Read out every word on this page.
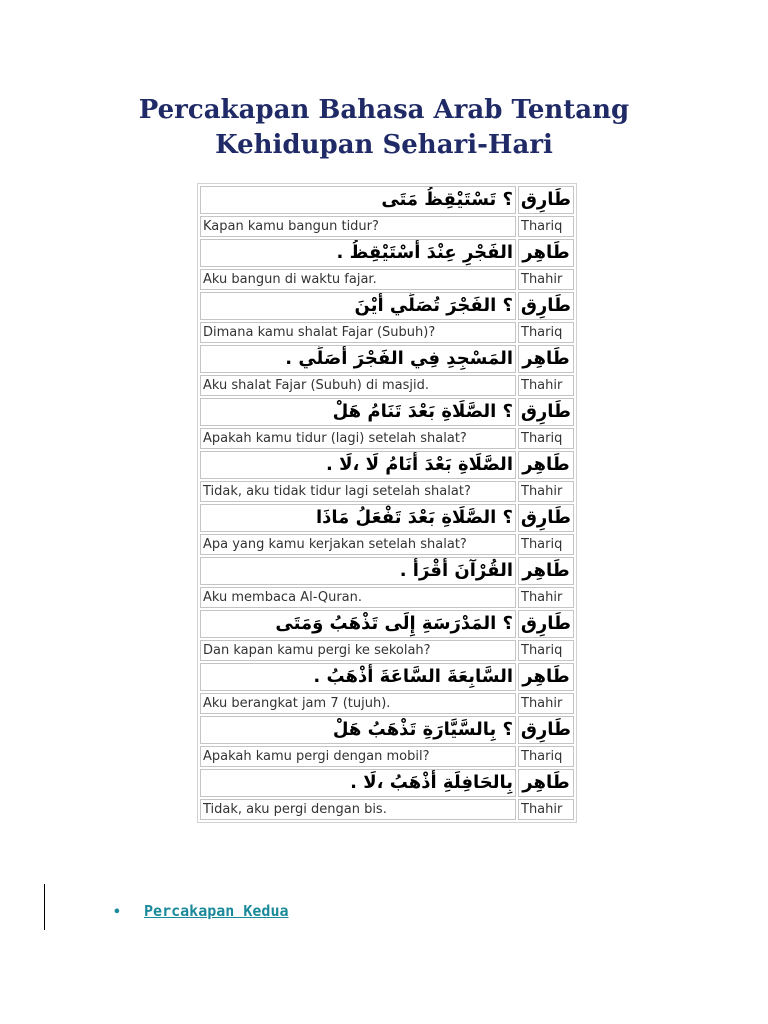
Percakapan Bahasa Arab Tentang
Kehidupan Sehari-Hari
؟ تَسْتَيْقِظُ مَتَى	طَارِق
Kapan kamu bangun tidur?	Thariq
الفَجْرِ عِنْدَ أَسْتَيْقِظُ .	طَاهِر
Aku bangun di waktu fajar.	Thahir
؟ الفَجْرَ تُصَلِّي أَيْنَ	طَارِق
Dimana kamu shalat Fajar (Subuh)?	Thariq
المَسْجِدِ فِي الفَجْرَ أُصَلِّي .	طَاهِر
Aku shalat Fajar (Subuh) di masjid.	Thahir
؟ الصَّلَاةِ بَعْدَ تَنَامُ هَلْ	طَارِق
Apakah kamu tidur (lagi) setelah shalat?	Thariq
الصَّلَاةِ بَعْدَ أَنَامُ لَا ،لَا .	طَاهِر
Tidak, aku tidak tidur lagi setelah shalat?	Thahir
؟ الصَّلَاةِ بَعْدَ تَفْعَلُ مَاذَا	طَارِق
Apa yang kamu kerjakan setelah shalat?	Thariq
القُرْآنَ أَقْرَأُ .	طَاهِر
Aku membaca Al-Quran.	Thahir
؟ المَدْرَسَةِ إِلَى تَذْهَبُ وَمَتَى	طَارِق
Dan kapan kamu pergi ke sekolah?	Thariq
السَّابِعَةَ السَّاعَةَ أَذْهَبُ .	طَاهِر
Aku berangkat jam 7 (tujuh).	Thahir
؟ بِالسَّيَّارَةِ تَذْهَبُ هَلْ	طَارِق
Apakah kamu pergi dengan mobil?	Thariq
بِالحَافِلَةِ أَذْهَبُ ،لَا .	طَاهِر
Tidak, aku pergi dengan bis.	Thahir
• Percakapan Kedua
